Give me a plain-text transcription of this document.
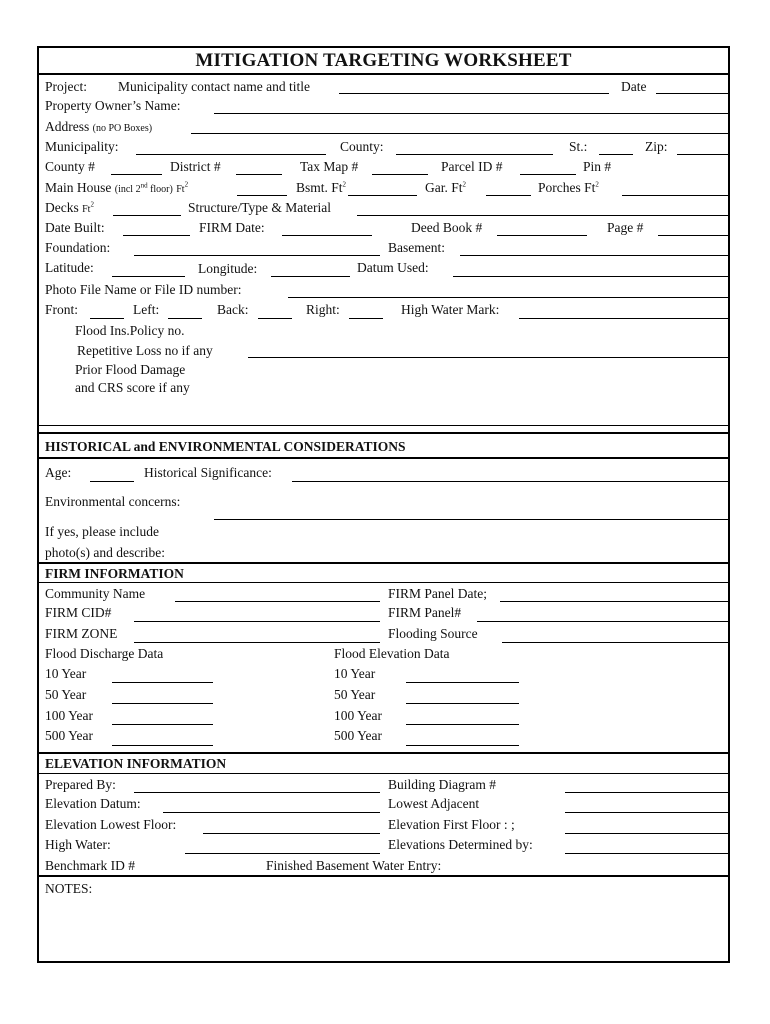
MITIGATION TARGETING WORKSHEET
Project: Municipality contact name and title	Date
Property Owner’s Name:
Address (no PO Boxes)
Municipality:	County:	St.:	Zip:
County #	District #	Tax Map #	Parcel ID #	Pin #
Main House (incl 2nd floor) Ft$^2$	Bsmt. Ft$^2$	Gar. Ft$^2$	Porches Ft$^2$
Decks Ft$^2$	Structure/Type & Material
Date Built:	FIRM Date:	Deed Book #	Page #
Foundation:	Basement:
Latitude:	Longitude:	Datum Used:
Photo File Name or File ID number:
Front:	Left:	Back:	Right:	High Water Mark:
Flood Ins.Policy no.
Repetitive Loss no if any
Prior Flood Damage
and CRS score if any
HISTORICAL and ENVIRONMENTAL CONSIDERATIONS
Age:	Historical Significance:
Environmental concerns:
If yes, please include
photo(s) and describe:
FIRM INFORMATION
Community Name	FIRM Panel Date;
FIRM CID#	FIRM Panel#
FIRM ZONE	Flooding Source
Flood Discharge Data	Flood Elevation Data
10 Year	10 Year
50 Year	50 Year
100 Year	100 Year
500 Year	500 Year
ELEVATION INFORMATION
Prepared By:	Building Diagram #
Elevation Datum:	Lowest Adjacent
Elevation Lowest Floor:	Elevation First Floor : ;
High Water:	Elevations Determined by:
Benchmark ID #	Finished Basement Water Entry:
NOTES:
